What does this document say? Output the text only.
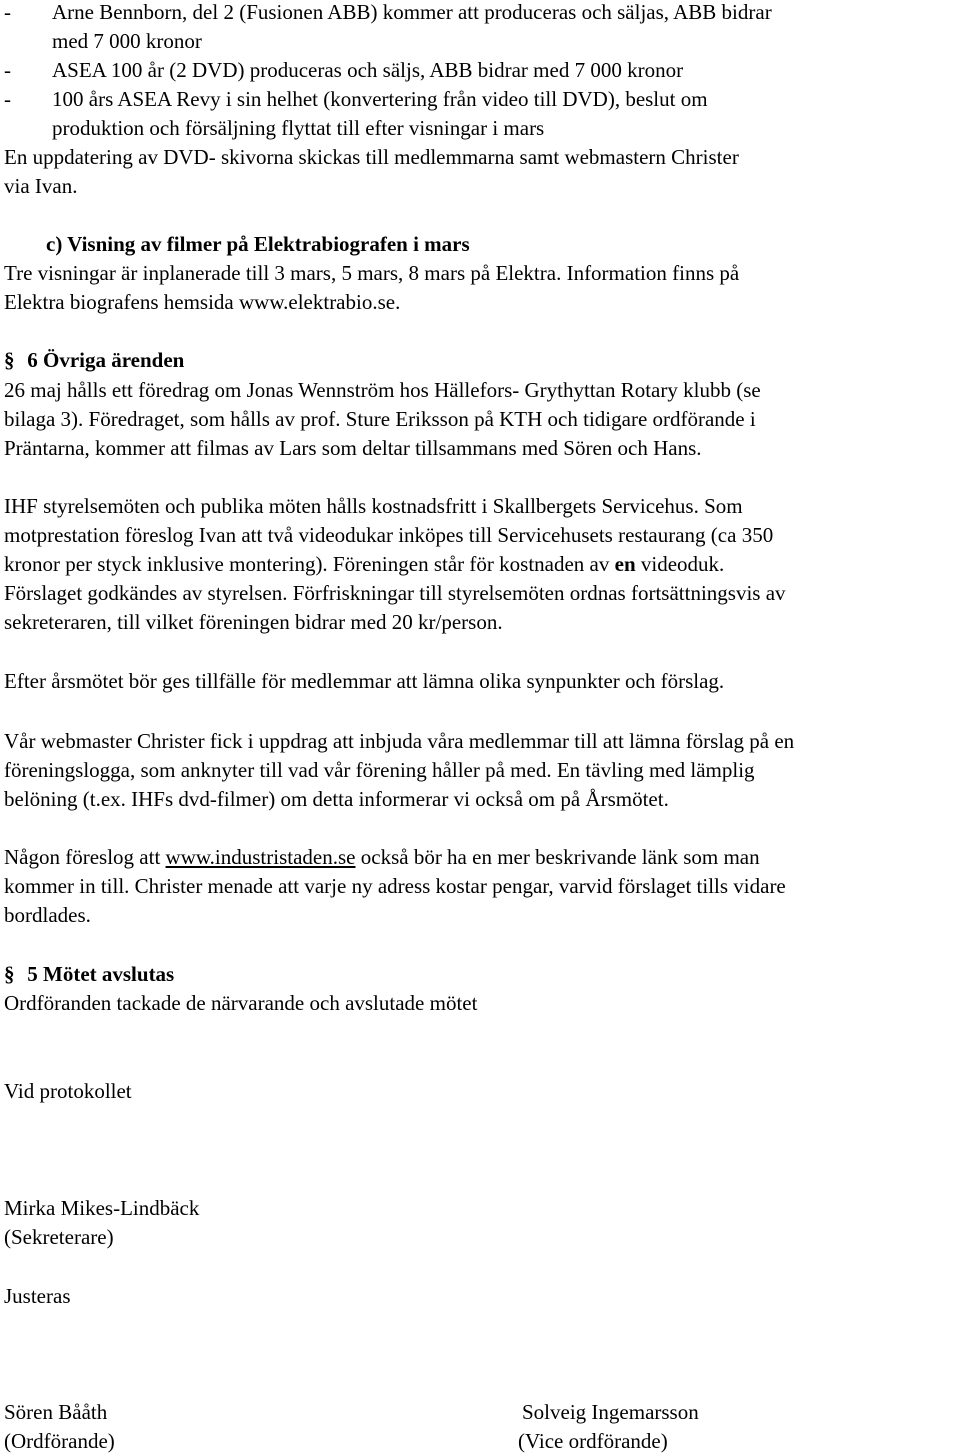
- Arne Bennborn, del 2 (Fusionen ABB) kommer att produceras och säljas, ABB bidrar
med 7 000 kronor
- ASEA 100 år (2 DVD) produceras och säljs, ABB bidrar med 7 000 kronor
- 100 års ASEA Revy i sin helhet (konvertering från video till DVD), beslut om
produktion och försäljning flyttat till efter visningar i mars
En uppdatering av DVD- skivorna skickas till medlemmarna samt webmastern Christer
via Ivan.
c) Visning av filmer på Elektrabiografen i mars
Tre visningar är inplanerade till 3 mars, 5 mars, 8 mars på Elektra. Information finns på
Elektra biografens hemsida www.elektrabio.se.
§ 6 Övriga ärenden
26 maj hålls ett föredrag om Jonas Wennström hos Hällefors- Grythyttan Rotary klubb (se
bilaga 3). Föredraget, som hålls av prof. Sture Eriksson på KTH och tidigare ordförande i
Präntarna, kommer att filmas av Lars som deltar tillsammans med Sören och Hans.
IHF styrelsemöten och publika möten hålls kostnadsfritt i Skallbergets Servicehus. Som
motprestation föreslog Ivan att två videodukar inköpes till Servicehusets restaurang (ca 350
kronor per styck inklusive montering). Föreningen står för kostnaden av en videoduk.
Förslaget godkändes av styrelsen. Förfriskningar till styrelsemöten ordnas fortsättningsvis av
sekreteraren, till vilket föreningen bidrar med 20 kr/person.
Efter årsmötet bör ges tillfälle för medlemmar att lämna olika synpunkter och förslag.
Vår webmaster Christer fick i uppdrag att inbjuda våra medlemmar till att lämna förslag på en
föreningslogga, som anknyter till vad vår förening håller på med. En tävling med lämplig
belöning (t.ex. IHFs dvd-filmer) om detta informerar vi också om på Årsmötet.
Någon föreslog att www.industristaden.se också bör ha en mer beskrivande länk som man
kommer in till. Christer menade att varje ny adress kostar pengar, varvid förslaget tills vidare
bordlades.
§ 5 Mötet avslutas
Ordföranden tackade de närvarande och avslutade mötet
Vid protokollet
Mirka Mikes-Lindbäck
(Sekreterare)
Justeras
Sören Bååth
(Ordförande)
Solveig Ingemarsson
(Vice ordförande)
